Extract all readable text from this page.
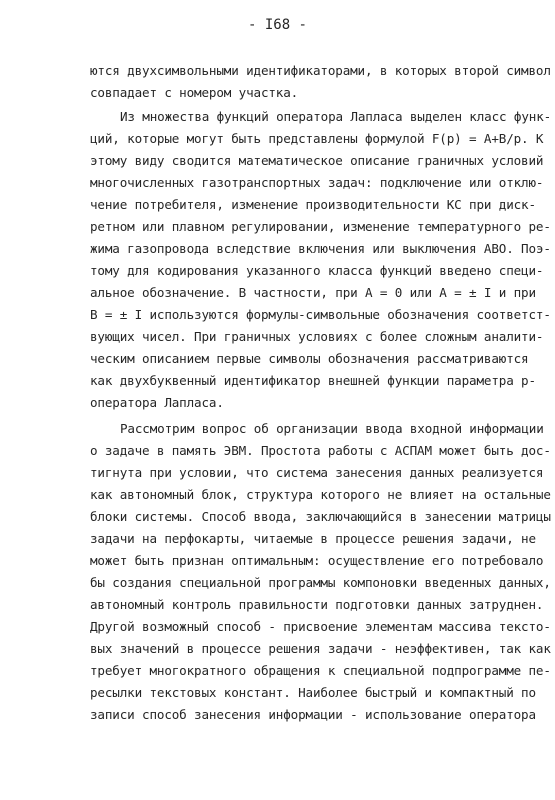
- I68 -
ются двухсимвольными идентификаторами, в которых второй символ
совпадает с номером участка.
Из множества функций оператора Лапласа выделен класс функ-
ций, которые могут быть представлены формулой F(p) = A+B/p. К
этому виду сводится математическое описание граничных условий
многочисленных газотранспортных задач: подключение или отклю-
чение потребителя, изменение производительности КС при диск-
ретном или плавном регулировании, изменение температурного ре-
жима газопровода вследствие включения или выключения АВО. Поэ-
тому для кодирования указанного класса функций введено специ-
альное обозначение. В частности, при A = 0 или A = ± I и при
B = ± I используются формулы-символьные обозначения соответст-
вующих чисел. При граничных условиях с более сложным аналити-
ческим описанием первые символы обозначения рассматриваются
как двухбуквенный идентификатор внешней функции параметра p-
оператора Лапласа.
Рассмотрим вопрос об организации ввода входной информации
о задаче в память ЭВМ. Простота работы с АСПАМ может быть дос-
тигнута при условии, что система занесения данных реализуется
как автономный блок, структура которого не влияет на остальные
блоки системы. Способ ввода, заключающийся в занесении матрицы
задачи на перфокарты, читаемые в процессе решения задачи, не
может быть признан оптимальным: осуществление его потребовало
бы создания специальной программы компоновки введенных данных,
автономный контроль правильности подготовки данных затруднен.
Другой возможный способ - присвоение элементам массива тексто-
вых значений в процессе решения задачи - неэффективен, так как
требует многократного обращения к специальной подпрограмме пе-
ресылки текстовых констант. Наиболее быстрый и компактный по
записи способ занесения информации - использование оператора
